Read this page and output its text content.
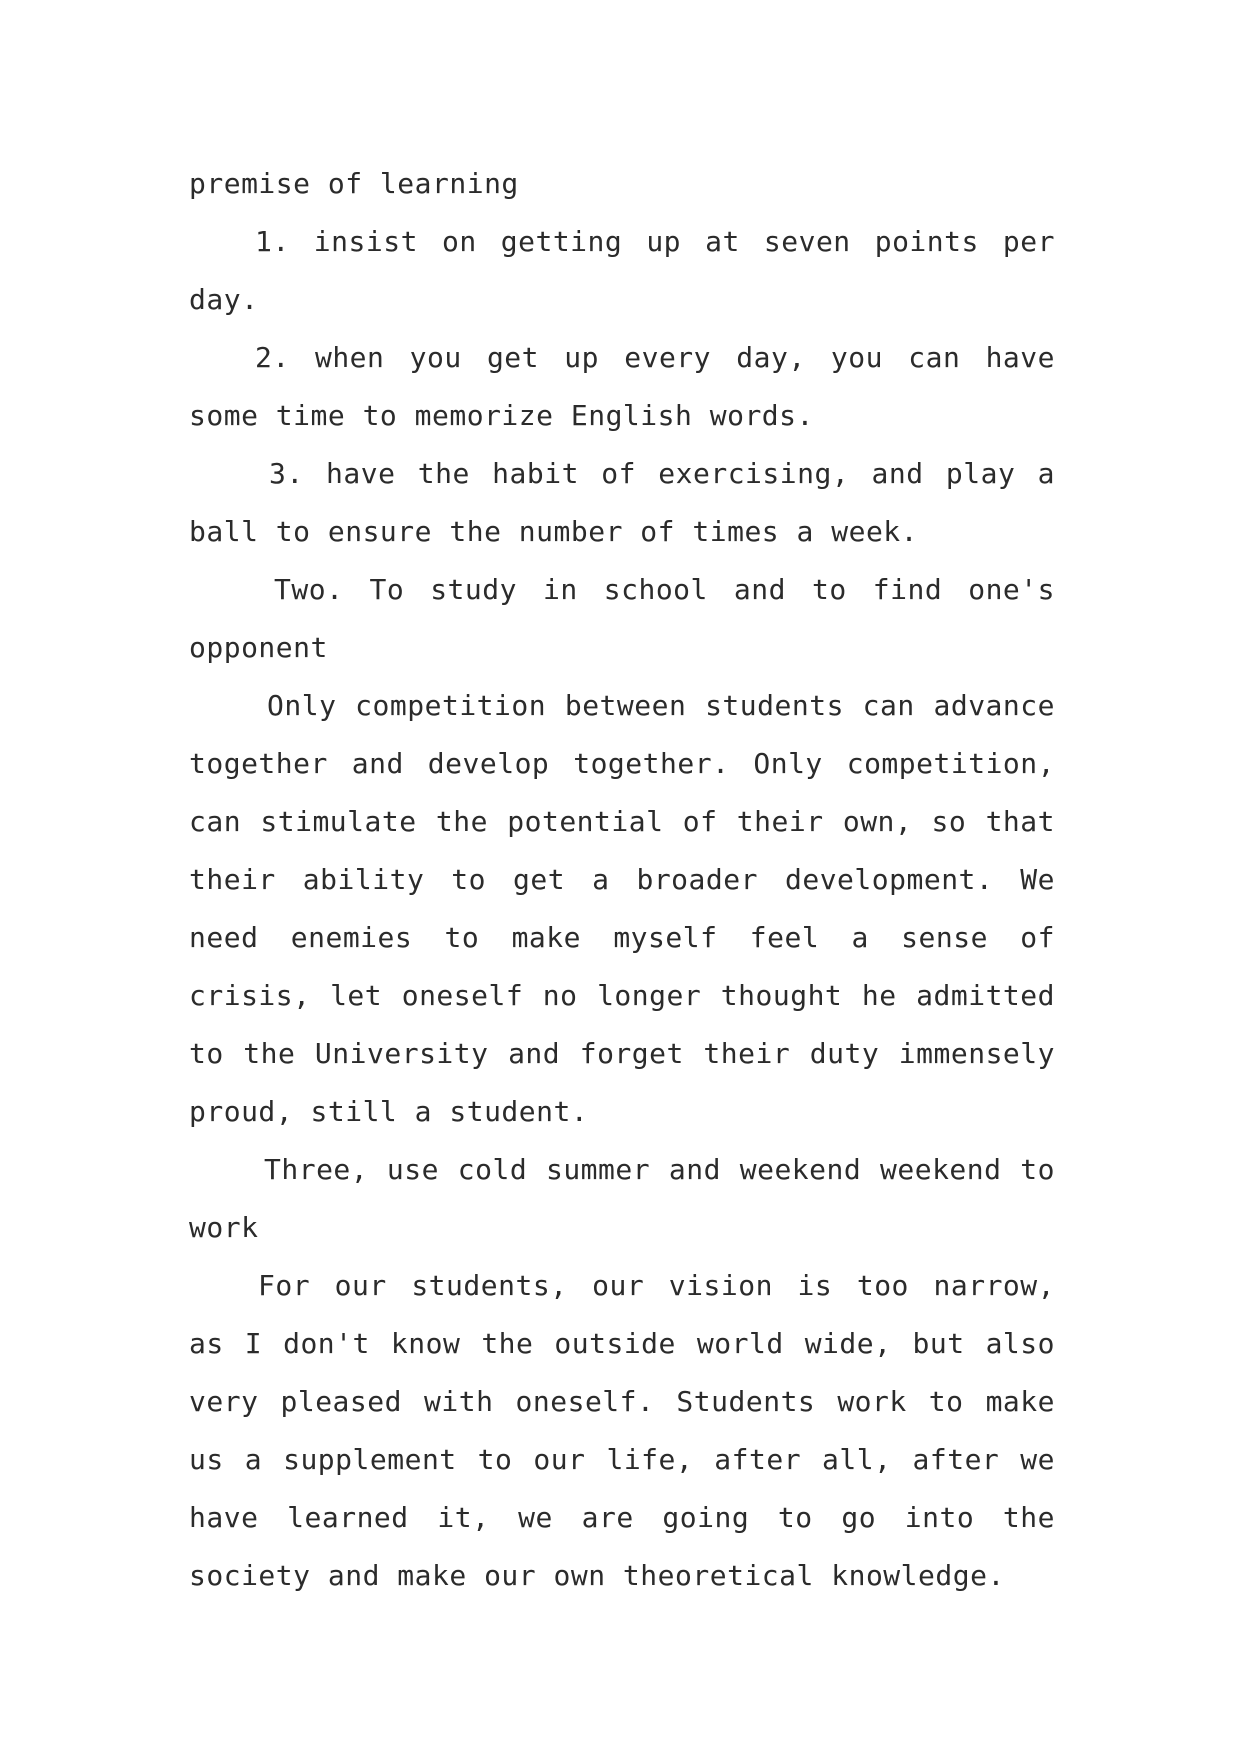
premise of learning

1. insist on getting up at seven points per day.

2. when you get up every day, you can have some time to memorize English words.

3. have the habit of exercising, and play a ball to ensure the number of times a week.

Two. To study in school and to find one's opponent

Only competition between students can advance together and develop together. Only competition, can stimulate the potential of their own, so that their ability to get a broader development. We need enemies to make myself feel a sense of crisis, let oneself no longer thought he admitted to the University and forget their duty immensely proud, still a student.

Three, use cold summer and weekend weekend to work

For our students, our vision is too narrow, as I don't know the outside world wide, but also very pleased with oneself. Students work to make us a supplement to our life, after all, after we have learned it, we are going to go into the society and make our own theoretical knowledge.
